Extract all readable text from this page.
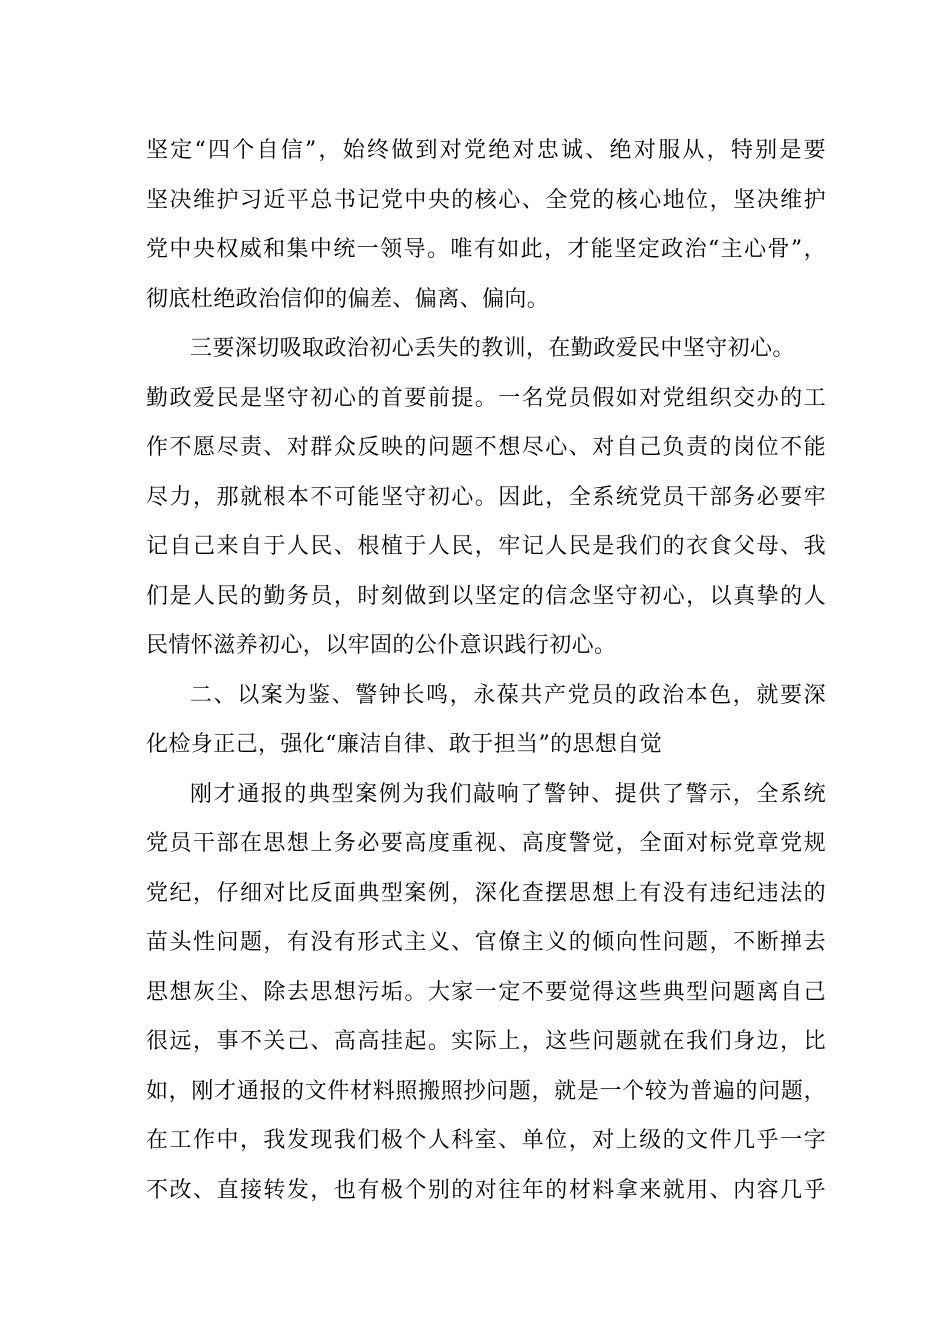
坚定“四个自信”，始终做到对党绝对忠诚、绝对服从，特别是要
坚决维护习近平总书记党中央的核心、全党的核心地位，坚决维护
党中央权威和集中统一领导。唯有如此，才能坚定政治“主心骨”，
彻底杜绝政治信仰的偏差、偏离、偏向。
三要深切吸取政治初心丢失的教训，在勤政爱民中坚守初心。
勤政爱民是坚守初心的首要前提。一名党员假如对党组织交办的工
作不愿尽责、对群众反映的问题不想尽心、对自己负责的岗位不能
尽力，那就根本不可能坚守初心。因此，全系统党员干部务必要牢
记自己来自于人民、根植于人民，牢记人民是我们的衣食父母、我
们是人民的勤务员，时刻做到以坚定的信念坚守初心，以真挚的人
民情怀滋养初心，以牢固的公仆意识践行初心。
二、以案为鉴、警钟长鸣，永葆共产党员的政治本色，就要深
化检身正己，强化“廉洁自律、敢于担当”的思想自觉
刚才通报的典型案例为我们敲响了警钟、提供了警示，全系统
党员干部在思想上务必要高度重视、高度警觉，全面对标党章党规
党纪，仔细对比反面典型案例，深化查摆思想上有没有违纪违法的
苗头性问题，有没有形式主义、官僚主义的倾向性问题，不断掸去
思想灰尘、除去思想污垢。大家一定不要觉得这些典型问题离自己
很远，事不关己、高高挂起。实际上，这些问题就在我们身边，比
如，刚才通报的文件材料照搬照抄问题，就是一个较为普遍的问题，
在工作中，我发现我们极个人科室、单位，对上级的文件几乎一字
不改、直接转发，也有极个别的对往年的材料拿来就用、内容几乎
